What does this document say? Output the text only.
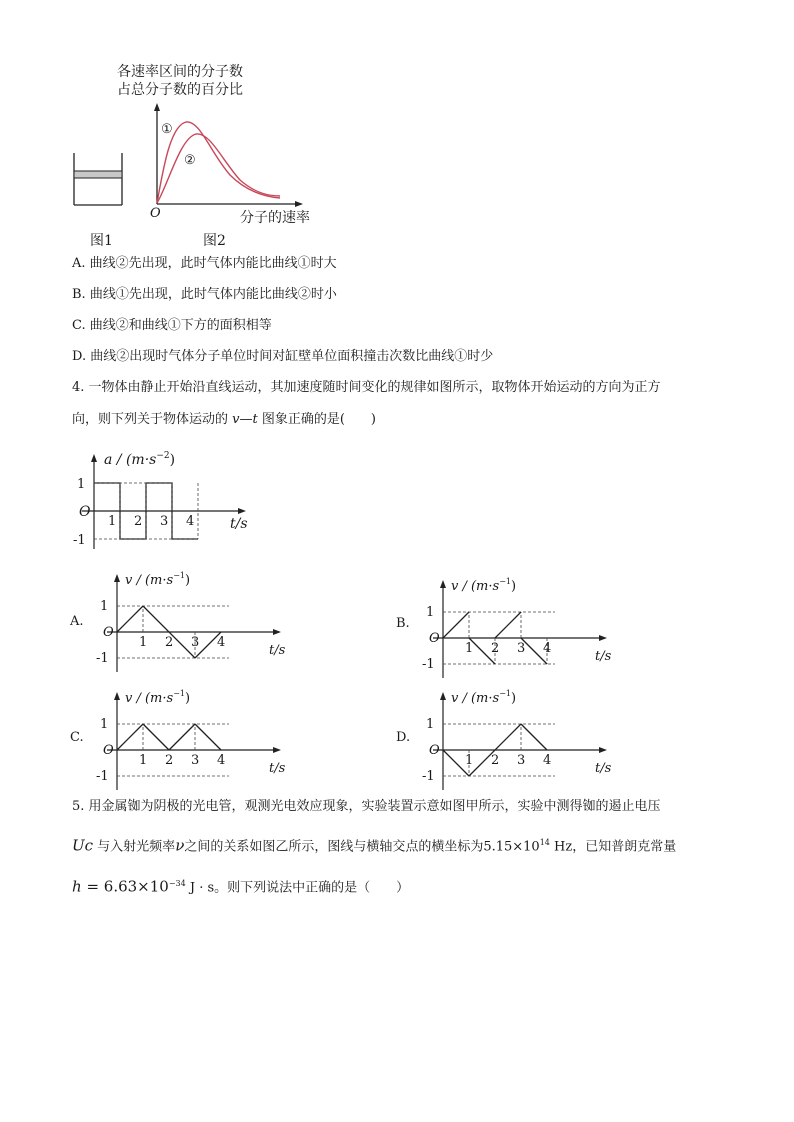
各速率区间的分子数
占总分子数的百分比
①
②
O	分子的速率
图1	图2
A. 曲线②先出现，此时气体内能比曲线①时大
B. 曲线①先出现，此时气体内能比曲线②时小
C. 曲线②和曲线①下方的面积相等
D. 曲线②出现时气体分子单位时间对缸壁单位面积撞击次数比曲线①时少
4. 一物体由静止开始沿直线运动，其加速度随时间变化的规律如图所示，取物体开始运动的方向为正方
向，则下列关于物体运动的 v—t 图象正确的是(　　)
$a / (m\cdot s^{-2})$
t/s
O
1
-1
1 2 3 4
A.
$v / (m\cdot s^{-1})$
t/s
O
1
-1
1 2 3 4
B.
$v / (m\cdot s^{-1})$
t/s
O
1
-1
1 2 3 4
C.
$v / (m\cdot s^{-1})$
t/s
O
1
-1
1 2 3 4
D.
$v / (m\cdot s^{-1})$
t/s
O
1
-1
1 2 3 4
5. 用金属铷为阴极的光电管，观测光电效应现象，实验装置示意如图甲所示，实验中测得铷的遏止电压
Uc 与入射光频率ν之间的关系如图乙所示，图线与横轴交点的横坐标为$5.15\times 10^{14}$ Hz，已知普朗克常量
$h = 6.63\times 10^{-34}$ J · s。则下列说法中正确的是（　　）
